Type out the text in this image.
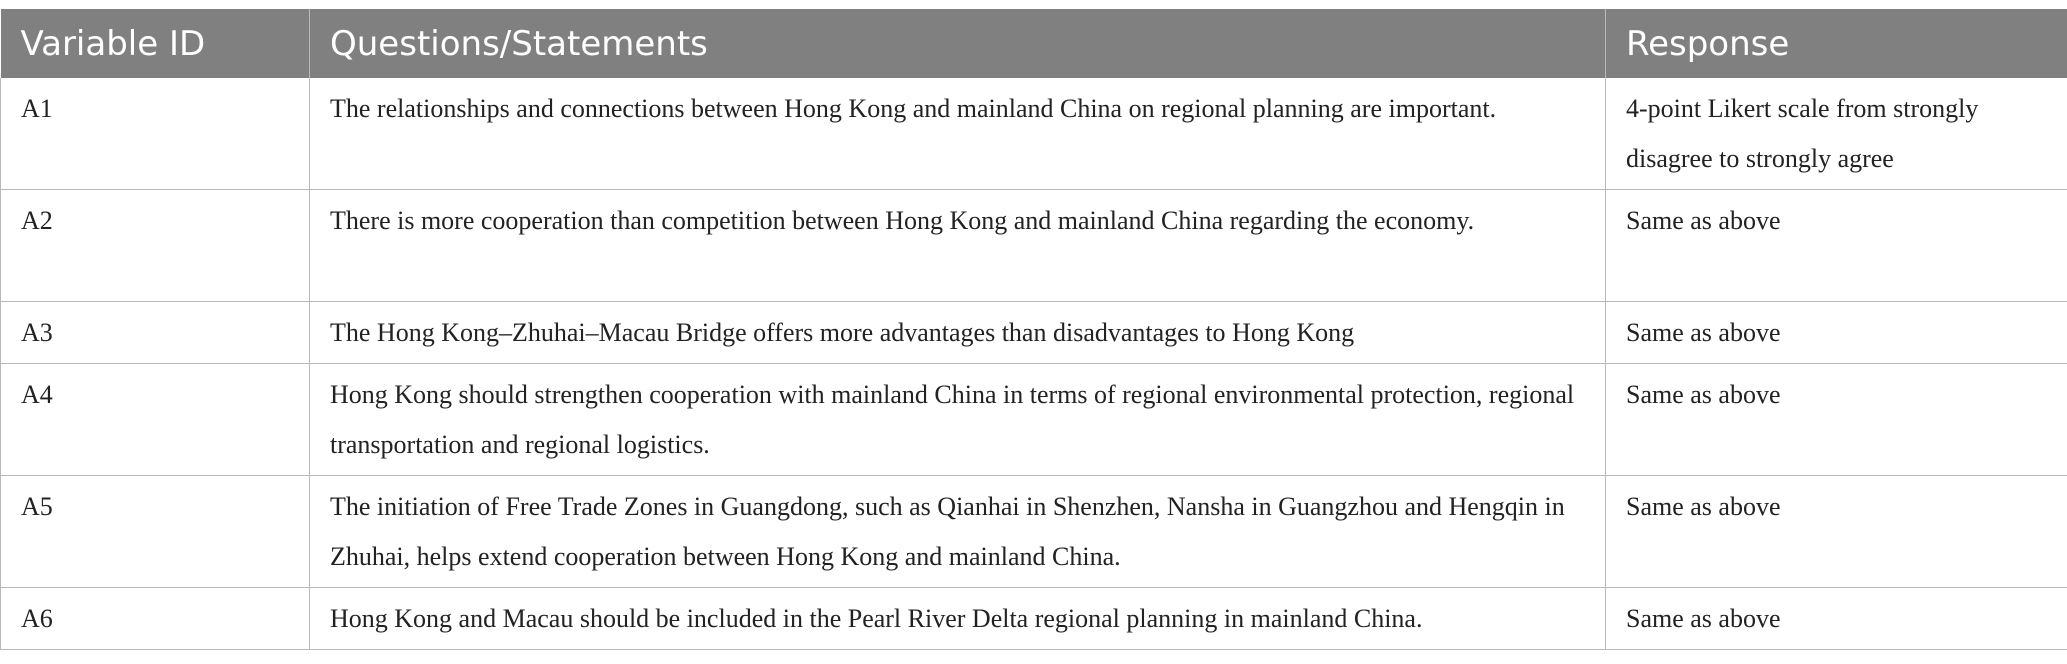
Variable ID	Questions/Statements	Response
A1	The relationships and connections between Hong Kong and mainland China on regional planning are important.	4-point Likert scale from strongly disagree to strongly agree
A2	There is more cooperation than competition between Hong Kong and mainland China regarding the economy.	Same as above
A3	The Hong Kong–Zhuhai–Macau Bridge offers more advantages than disadvantages to Hong Kong	Same as above
A4	Hong Kong should strengthen cooperation with mainland China in terms of regional environmental protection, regional transportation and regional logistics.	Same as above
A5	The initiation of Free Trade Zones in Guangdong, such as Qianhai in Shenzhen, Nansha in Guangzhou and Hengqin in Zhuhai, helps extend cooperation between Hong Kong and mainland China.	Same as above
A6	Hong Kong and Macau should be included in the Pearl River Delta regional planning in mainland China.	Same as above
